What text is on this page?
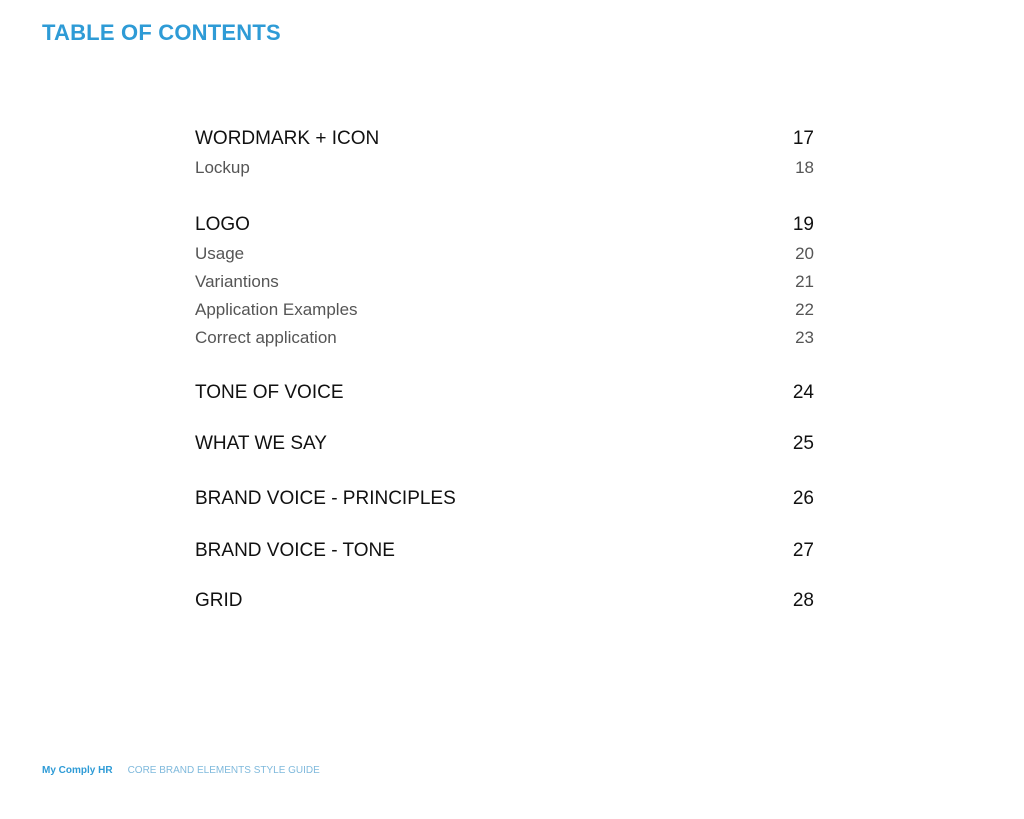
TABLE OF CONTENTS
WORDMARK + ICON	17
Lockup	18
LOGO	19
Usage	20
Variantions	21
Application Examples	22
Correct application	23
TONE OF VOICE	24
WHAT WE SAY	25
BRAND VOICE - PRINCIPLES	26
BRAND VOICE - TONE	27
GRID	28
My Comply HR CORE BRAND ELEMENTS STYLE GUIDE
